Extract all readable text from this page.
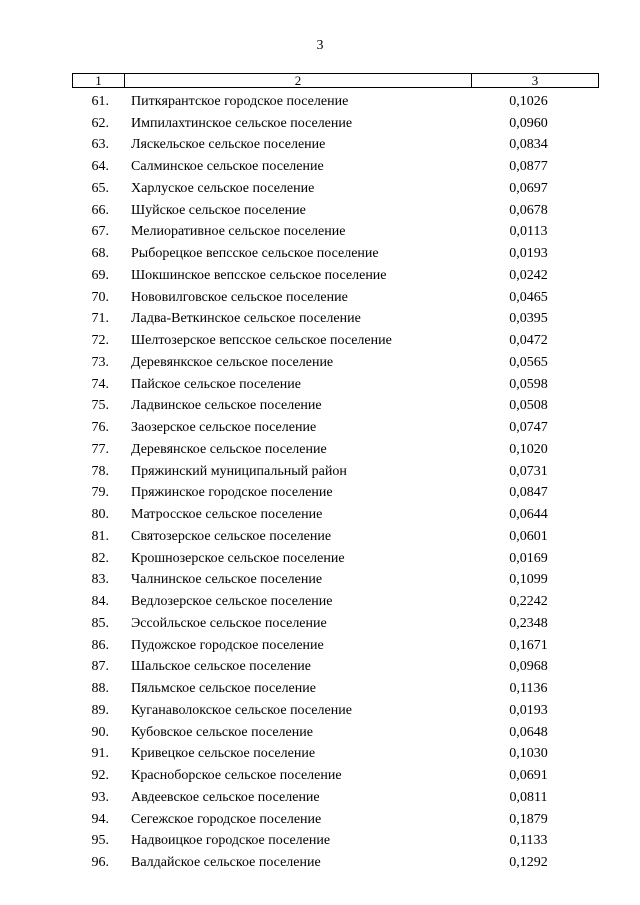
3
1	2	3
61.	Питкярантское городское поселение	0,1026
62.	Импилахтинское сельское поселение	0,0960
63.	Ляскельское сельское поселение	0,0834
64.	Салминское сельское поселение	0,0877
65.	Харлуское сельское поселение	0,0697
66.	Шуйское сельское поселение	0,0678
67.	Мелиоративное сельское поселение	0,0113
68.	Рыборецкое вепсское сельское поселение	0,0193
69.	Шокшинское вепсское сельское поселение	0,0242
70.	Нововилговское сельское поселение	0,0465
71.	Ладва-Веткинское сельское поселение	0,0395
72.	Шелтозерское вепсское сельское поселение	0,0472
73.	Деревянкское сельское поселение	0,0565
74.	Пайское сельское поселение	0,0598
75.	Ладвинское сельское поселение	0,0508
76.	Заозерское сельское поселение	0,0747
77.	Деревянское сельское поселение	0,1020
78.	Пряжинский муниципальный район	0,0731
79.	Пряжинское городское поселение	0,0847
80.	Матросское сельское поселение	0,0644
81.	Святозерское сельское поселение	0,0601
82.	Крошнозерское сельское поселение	0,0169
83.	Чалнинское сельское поселение	0,1099
84.	Ведлозерское сельское поселение	0,2242
85.	Эссойльское сельское поселение	0,2348
86.	Пудожское городское поселение	0,1671
87.	Шальское сельское поселение	0,0968
88.	Пяльмское сельское поселение	0,1136
89.	Куганаволокское сельское поселение	0,0193
90.	Кубовское сельское поселение	0,0648
91.	Кривецкое сельское поселение	0,1030
92.	Красноборское сельское поселение	0,0691
93.	Авдеевское сельское поселение	0,0811
94.	Сегежское городское поселение	0,1879
95.	Надвоицкое городское поселение	0,1133
96.	Валдайское сельское поселение	0,1292
